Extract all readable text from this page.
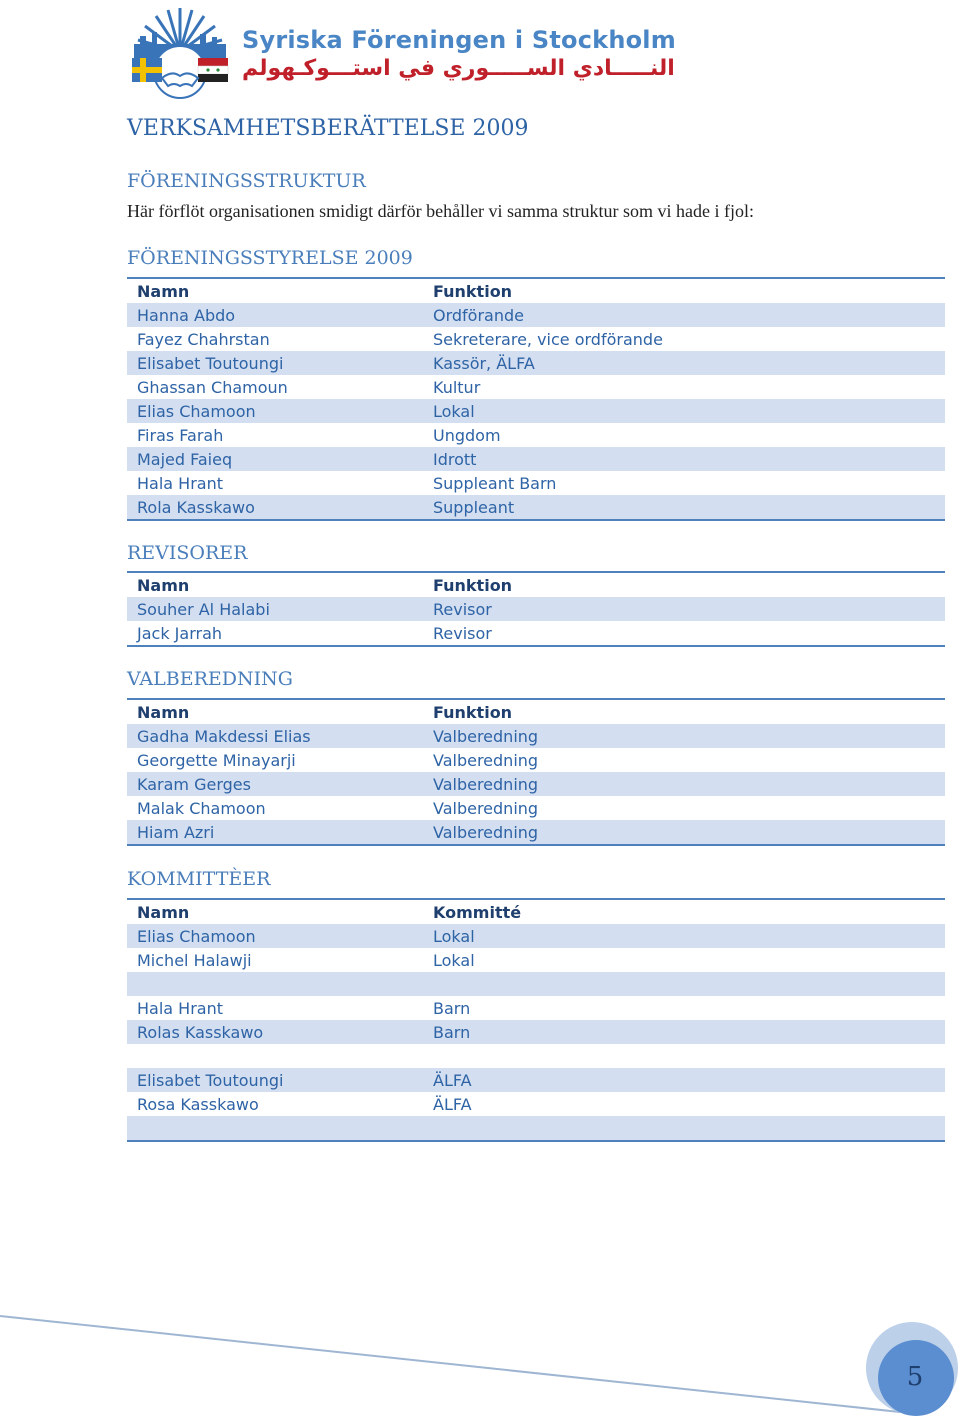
Syriska Föreningen i Stockholm
النـــــادي الســـــوري في استـــوكـهولم
VERKSAMHETSBERÄTTELSE 2009
FÖRENINGSSTRUKTUR
Här förflöt organisationen smidigt därför behåller vi samma struktur som vi hade i fjol:
FÖRENINGSSTYRELSE 2009
Namn	Funktion
Hanna Abdo	Ordförande
Fayez Chahrstan	Sekreterare, vice ordförande
Elisabet Toutoungi	Kassör, ÄLFA
Ghassan Chamoun	Kultur
Elias Chamoon	Lokal
Firas Farah	Ungdom
Majed Faieq	Idrott
Hala Hrant	Suppleant Barn
Rola Kasskawo	Suppleant
REVISORER
Namn	Funktion
Souher Al Halabi	Revisor
Jack Jarrah	Revisor
VALBEREDNING
Namn	Funktion
Gadha Makdessi Elias	Valberedning
Georgette Minayarji	Valberedning
Karam Gerges	Valberedning
Malak Chamoon	Valberedning
Hiam Azri	Valberedning
KOMMITTÈER
Namn	Kommitté
Elias Chamoon	Lokal
Michel Halawji	Lokal
Hala Hrant	Barn
Rolas Kasskawo	Barn
Elisabet Toutoungi	ÄLFA
Rosa Kasskawo	ÄLFA
5
